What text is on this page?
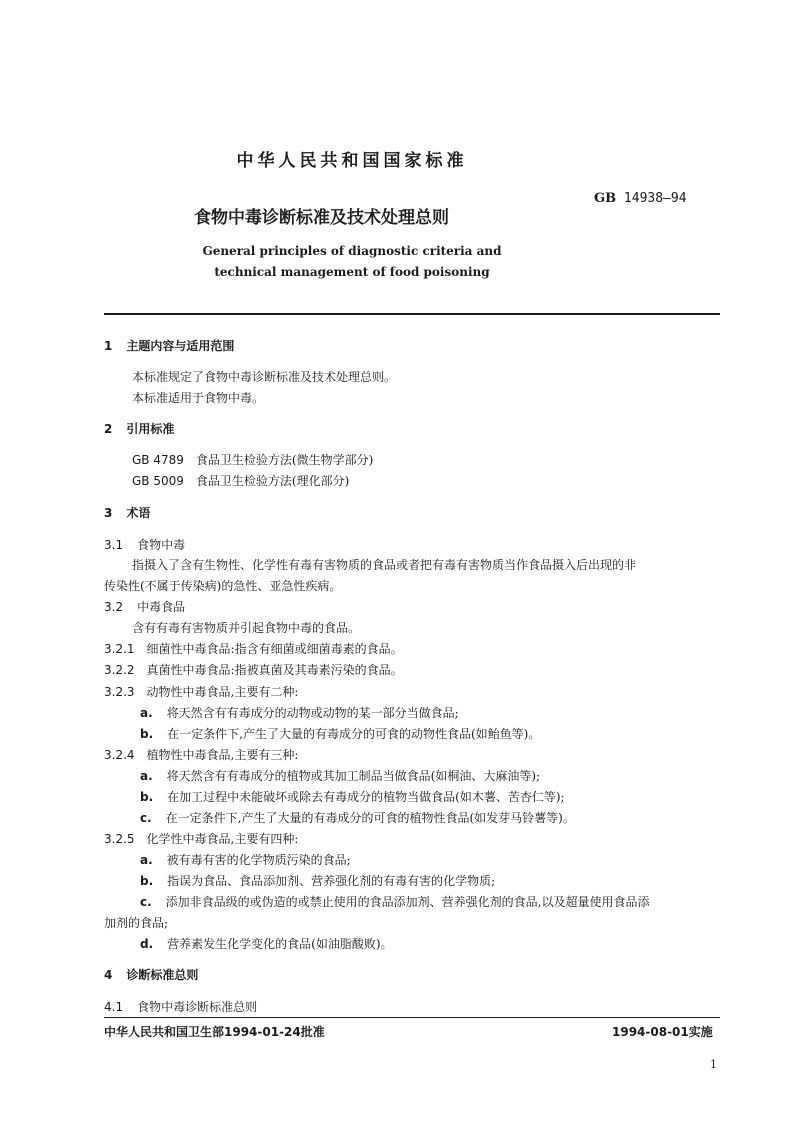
中华人民共和国国家标准
食物中毒诊断标准及技术处理总则
GB 14938—94
General principles of diagnostic criteria and
technical management of food poisoning
1 主题内容与适用范围
本标准规定了食物中毒诊断标准及技术处理总则。
本标准适用于食物中毒。
2 引用标准
GB 4789 食品卫生检验方法(微生物学部分)
GB 5009 食品卫生检验方法(理化部分)
3 术语
3.1 食物中毒
指摄入了含有生物性、化学性有毒有害物质的食品或者把有毒有害物质当作食品摄入后出现的非
传染性(不属于传染病)的急性、亚急性疾病。
3.2 中毒食品
含有有毒有害物质并引起食物中毒的食品。
3.2.1 细菌性中毒食品:指含有细菌或细菌毒素的食品。
3.2.2 真菌性中毒食品:指被真菌及其毒素污染的食品。
3.2.3 动物性中毒食品,主要有二种:
a. 将天然含有有毒成分的动物或动物的某一部分当做食品;
b. 在一定条件下,产生了大量的有毒成分的可食的动物性食品(如鲐鱼等)。
3.2.4 植物性中毒食品,主要有三种:
a. 将天然含有有毒成分的植物或其加工制品当做食品(如桐油、大麻油等);
b. 在加工过程中未能破坏或除去有毒成分的植物当做食品(如木薯、苦杏仁等);
c. 在一定条件下,产生了大量的有毒成分的可食的植物性食品(如发芽马铃薯等)。
3.2.5 化学性中毒食品,主要有四种:
a. 被有毒有害的化学物质污染的食品;
b. 指误为食品、食品添加剂、营养强化剂的有毒有害的化学物质;
c. 添加非食品级的或伪造的或禁止使用的食品添加剂、营养强化剂的食品,以及超量使用食品添
加剂的食品;
d. 营养素发生化学变化的食品(如油脂酸败)。
4 诊断标准总则
4.1 食物中毒诊断标准总则
中华人民共和国卫生部1994-01-24批准	1994-08-01实施
1
